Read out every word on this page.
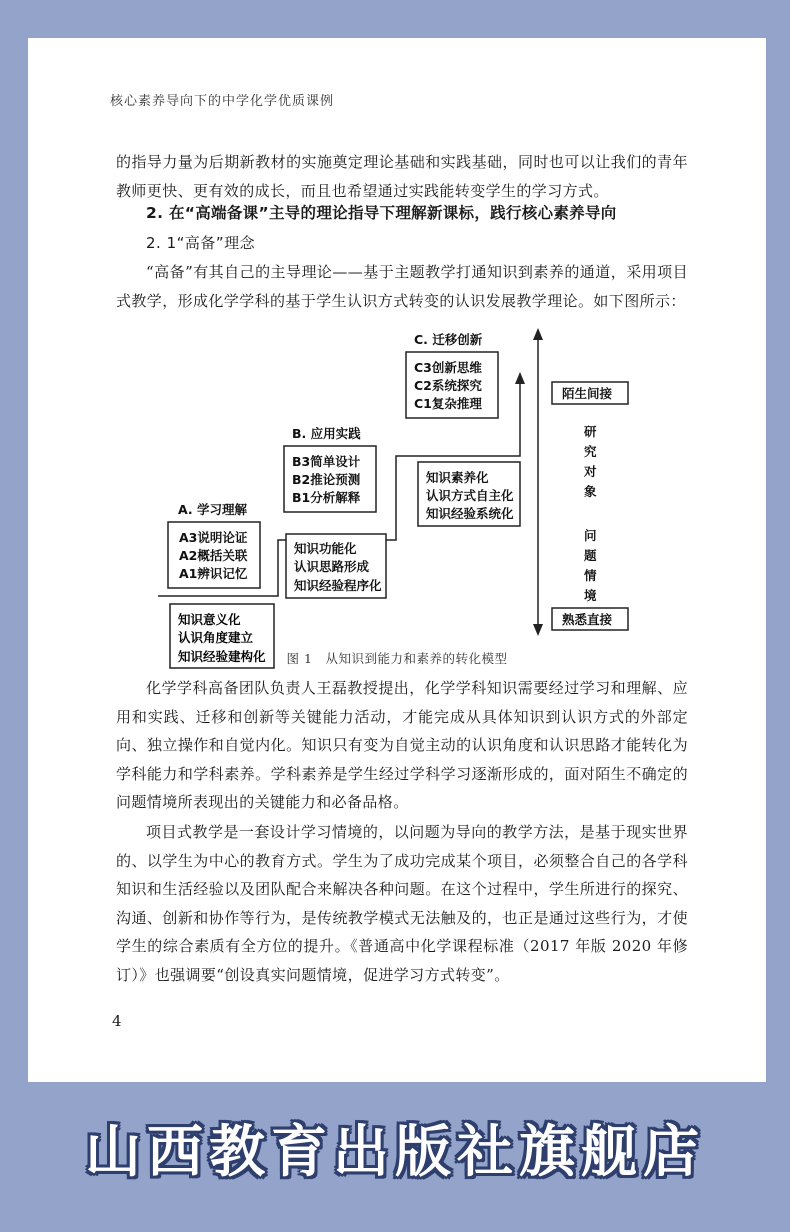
核心素养导向下的中学化学优质课例

的指导力量为后期新教材的实施奠定理论基础和实践基础，同时也可以让我们的青年教师更快、更有效的成长，而且也希望通过实践能转变学生的学习方式。

2. 在“高端备课”主导的理论指导下理解新课标，践行核心素养导向
2. 1“高备”理念

“高备”有其自己的主导理论——基于主题教学打通知识到素养的通道，采用项目式教学，形成化学学科的基于学生认识方式转变的认识发展教学理论。如下图所示：

A. 学习理解
A3说明论证
A2概括关联
A1辨识记忆
B. 应用实践
B3简单设计
B2推论预测
B1分析解释
知识功能化
认识思路形成
知识经验程序化
C. 迁移创新
C3创新思维
C2系统探究
C1复杂推理
知识素养化
认识方式自主化
知识经验系统化
陌生间接
研
究
对
象
问
题
情
境
熟悉直接
知识意义化
认识角度建立
知识经验建构化	图 1　从知识到能力和素养的转化模型

化学学科高备团队负责人王磊教授提出，化学学科知识需要经过学习和理解、应用和实践、迁移和创新等关键能力活动，才能完成从具体知识到认识方式的外部定向、独立操作和自觉内化。知识只有变为自觉主动的认识角度和认识思路才能转化为学科能力和学科素养。学科素养是学生经过学科学习逐渐形成的，面对陌生不确定的问题情境所表现出的关键能力和必备品格。

项目式教学是一套设计学习情境的，以问题为导向的教学方法，是基于现实世界的、以学生为中心的教育方式。学生为了成功完成某个项目，必须整合自己的各学科知识和生活经验以及团队配合来解决各种问题。在这个过程中，学生所进行的探究、沟通、创新和协作等行为，是传统教学模式无法触及的，也正是通过这些行为，才使学生的综合素质有全方位的提升。《普通高中化学课程标准（2017 年版 2020 年修订）》也强调要“创设真实问题情境，促进学习方式转变”。

4
山西教育出版社旗舰店
